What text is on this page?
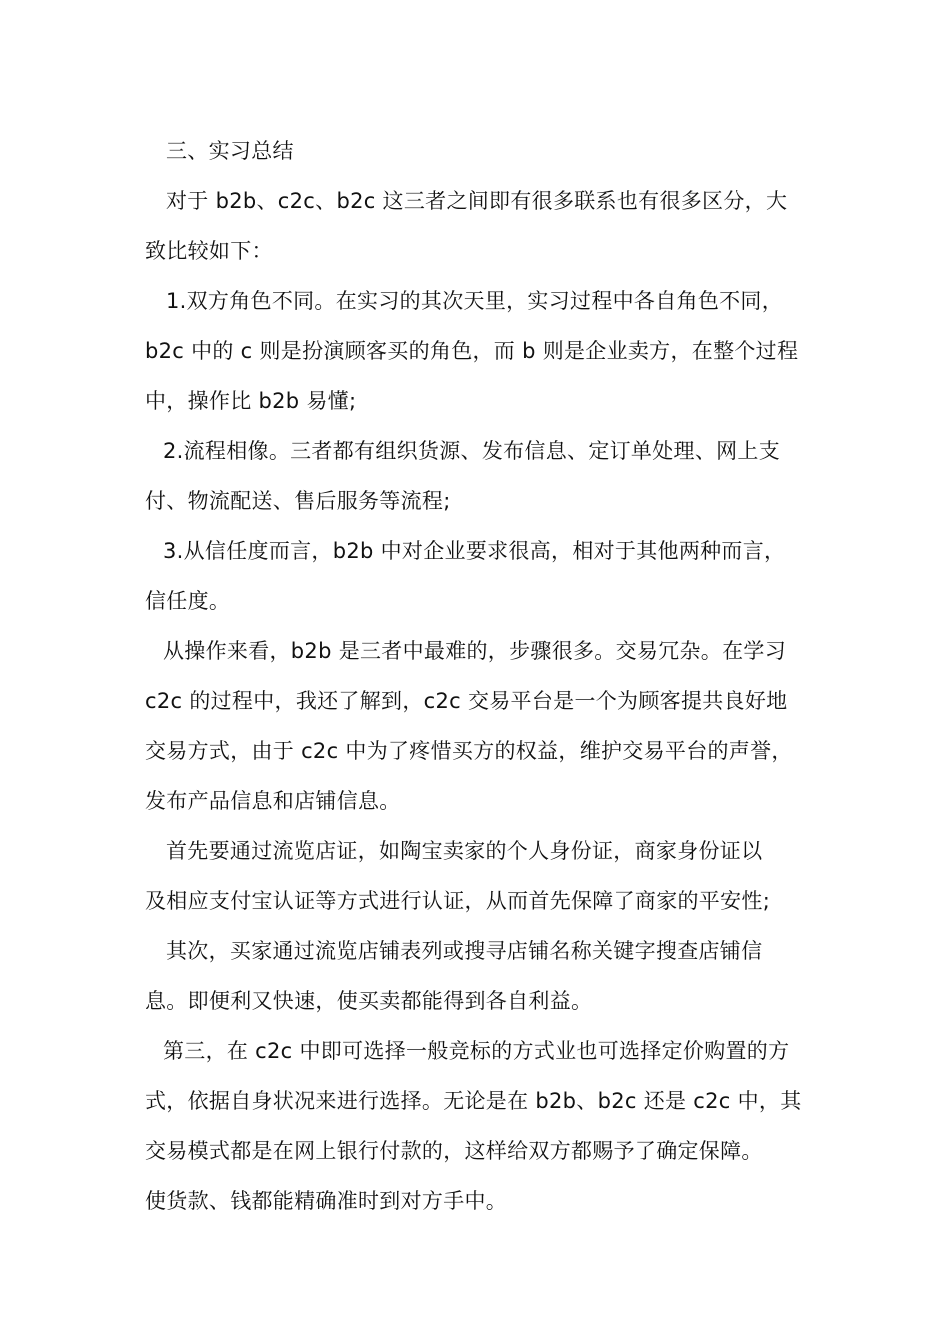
三、实习总结
对于 b2b、c2c、b2c 这三者之间即有很多联系也有很多区分，大
致比较如下：
1.双方角色不同。在实习的其次天里，实习过程中各自角色不同，
b2c 中的 c 则是扮演顾客买的角色，而 b 则是企业卖方，在整个过程
中，操作比 b2b 易懂;
2.流程相像。三者都有组织货源、发布信息、定订单处理、网上支
付、物流配送、售后服务等流程;
3.从信任度而言，b2b 中对企业要求很高，相对于其他两种而言，
信任度。
从操作来看，b2b 是三者中最难的，步骤很多。交易冗杂。在学习
c2c 的过程中，我还了解到，c2c 交易平台是一个为顾客提共良好地
交易方式，由于 c2c 中为了疼惜买方的权益，维护交易平台的声誉，
发布产品信息和店铺信息。
首先要通过流览店证，如陶宝卖家的个人身份证，商家身份证以
及相应支付宝认证等方式进行认证，从而首先保障了商家的平安性;
其次，买家通过流览店铺表列或搜寻店铺名称关键字搜查店铺信
息。即便利又快速，使买卖都能得到各自利益。
第三，在 c2c 中即可选择一般竞标的方式业也可选择定价购置的方
式，依据自身状况来进行选择。无论是在 b2b、b2c 还是 c2c 中，其
交易模式都是在网上银行付款的，这样给双方都赐予了确定保障。
使货款、钱都能精确准时到对方手中。
